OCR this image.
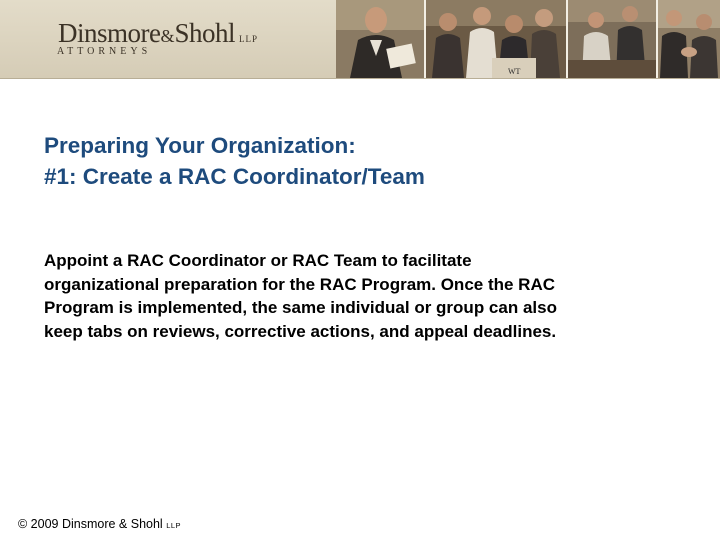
Dinsmore&Shohl LLP
ATTORNEYS
WT
Preparing Your Organization:
#1: Create a RAC Coordinator/Team

Appoint a RAC Coordinator or RAC Team to facilitate
organizational preparation for the RAC Program. Once the RAC
Program is implemented, the same individual or group can also
keep tabs on reviews, corrective actions, and appeal deadlines.

© 2009 Dinsmore & Shohl LLP
